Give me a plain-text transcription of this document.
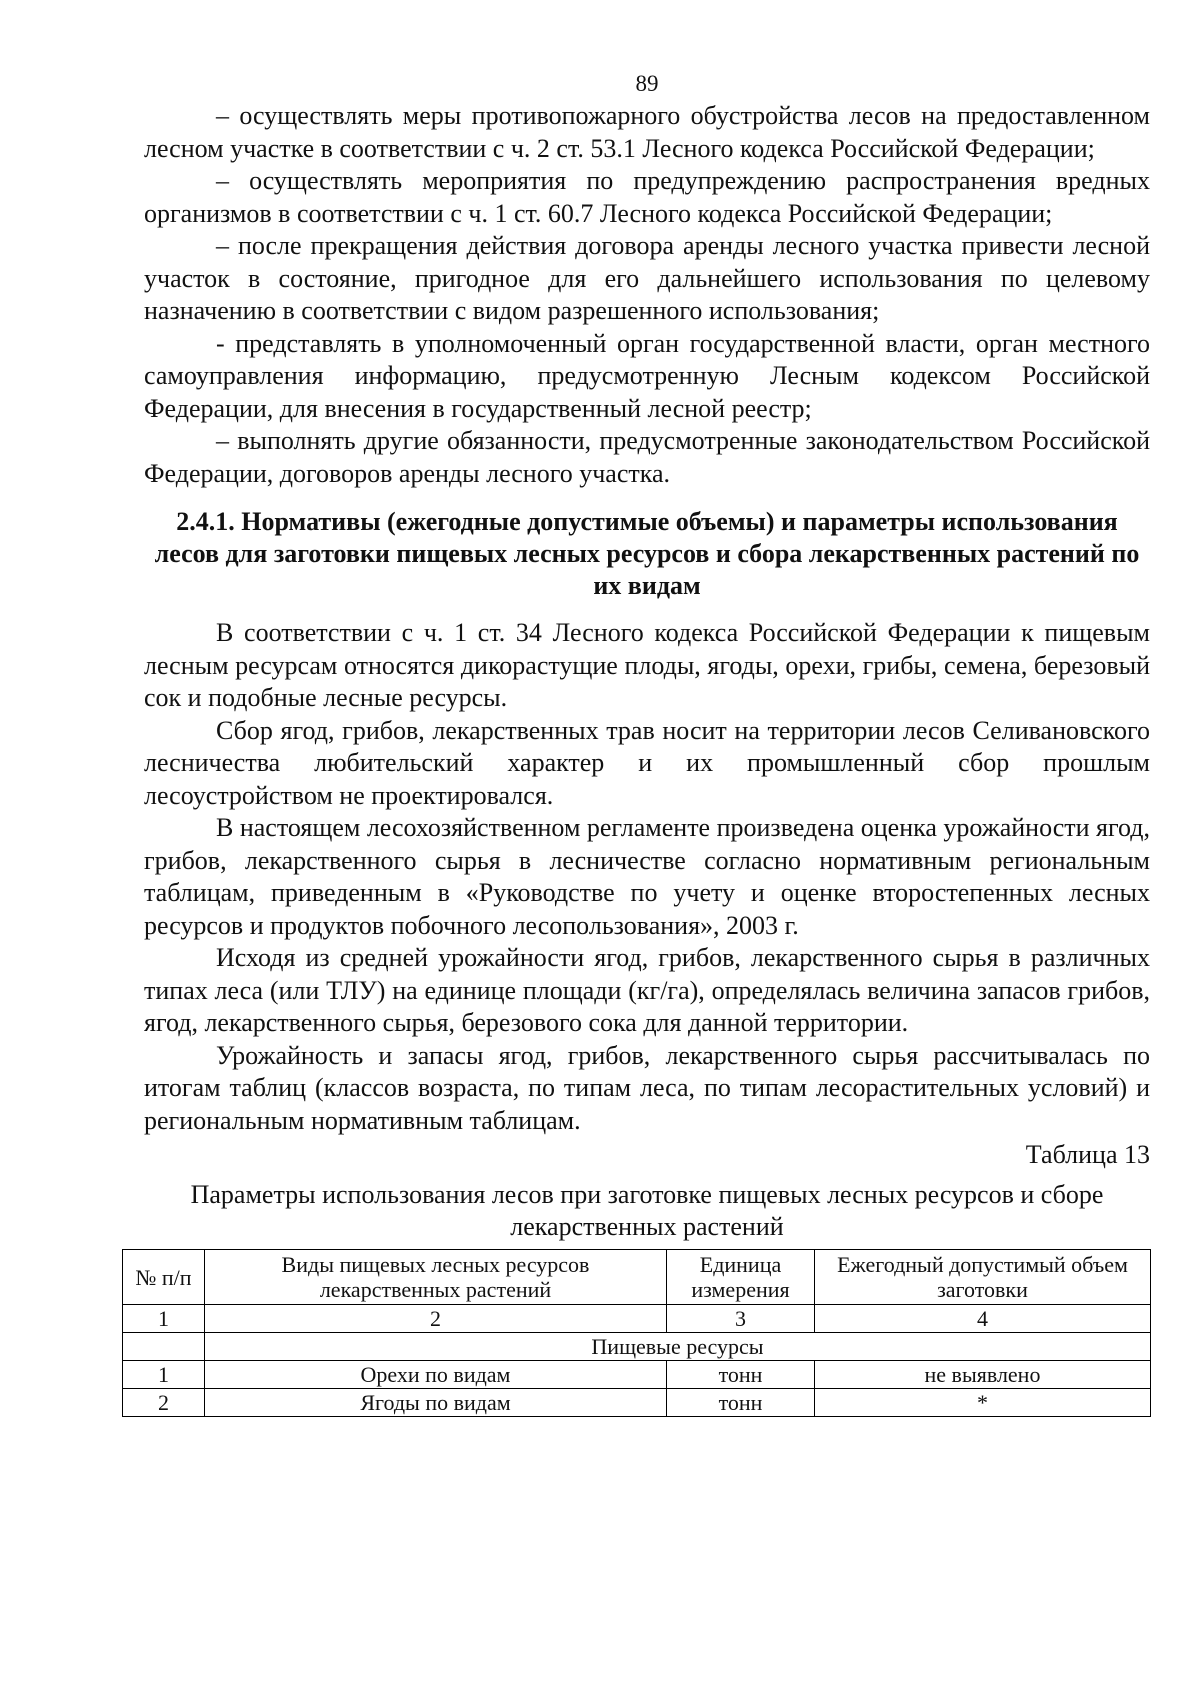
89

– осуществлять меры противопожарного обустройства лесов на предоставленном лесном участке в соответствии с ч. 2 ст. 53.1 Лесного кодекса Российской Федерации;

– осуществлять мероприятия по предупреждению распространения вредных организмов в соответствии с ч. 1 ст. 60.7 Лесного кодекса Российской Федерации;

– после прекращения действия договора аренды лесного участка привести лесной участок в состояние, пригодное для его дальнейшего использования по целевому назначению в соответствии с видом разрешенного использования;

- представлять в уполномоченный орган государственной власти, орган местного самоуправления информацию, предусмотренную Лесным кодексом Российской Федерации, для внесения в государственный лесной реестр;

– выполнять другие обязанности, предусмотренные законодательством Российской Федерации, договоров аренды лесного участка.

2.4.1. Нормативы (ежегодные допустимые объемы) и параметры использования лесов для заготовки пищевых лесных ресурсов и сбора лекарственных растений по их видам

В соответствии с ч. 1 ст. 34 Лесного кодекса Российской Федерации к пищевым лесным ресурсам относятся дикорастущие плоды, ягоды, орехи, грибы, семена, березовый сок и подобные лесные ресурсы.

Сбор ягод, грибов, лекарственных трав носит на территории лесов Селивановского лесничества любительский характер и их промышленный сбор прошлым лесоустройством не проектировался.

В настоящем лесохозяйственном регламенте произведена оценка урожайности ягод, грибов, лекарственного сырья в лесничестве согласно нормативным региональным таблицам, приведенным в «Руководстве по учету и оценке второстепенных лесных ресурсов и продуктов побочного лесопользования», 2003 г.

Исходя из средней урожайности ягод, грибов, лекарственного сырья в различных типах леса (или ТЛУ) на единице площади (кг/га), определялась величина запасов грибов, ягод, лекарственного сырья, березового сока для данной территории.

Урожайность и запасы ягод, грибов, лекарственного сырья рассчитывалась по итогам таблиц (классов возраста, по типам леса, по типам лесорастительных условий) и региональным нормативным таблицам.

Таблица 13
Параметры использования лесов при заготовке пищевых лесных ресурсов и сборе лекарственных растений
№ п/п	Виды пищевых лесных ресурсов лекарственных растений	Единица измерения	Ежегодный допустимый объем заготовки
1	2	3	4
	Пищевые ресурсы		
1	Орехи по видам	тонн	не выявлено
2	Ягоды по видам	тонн	*
